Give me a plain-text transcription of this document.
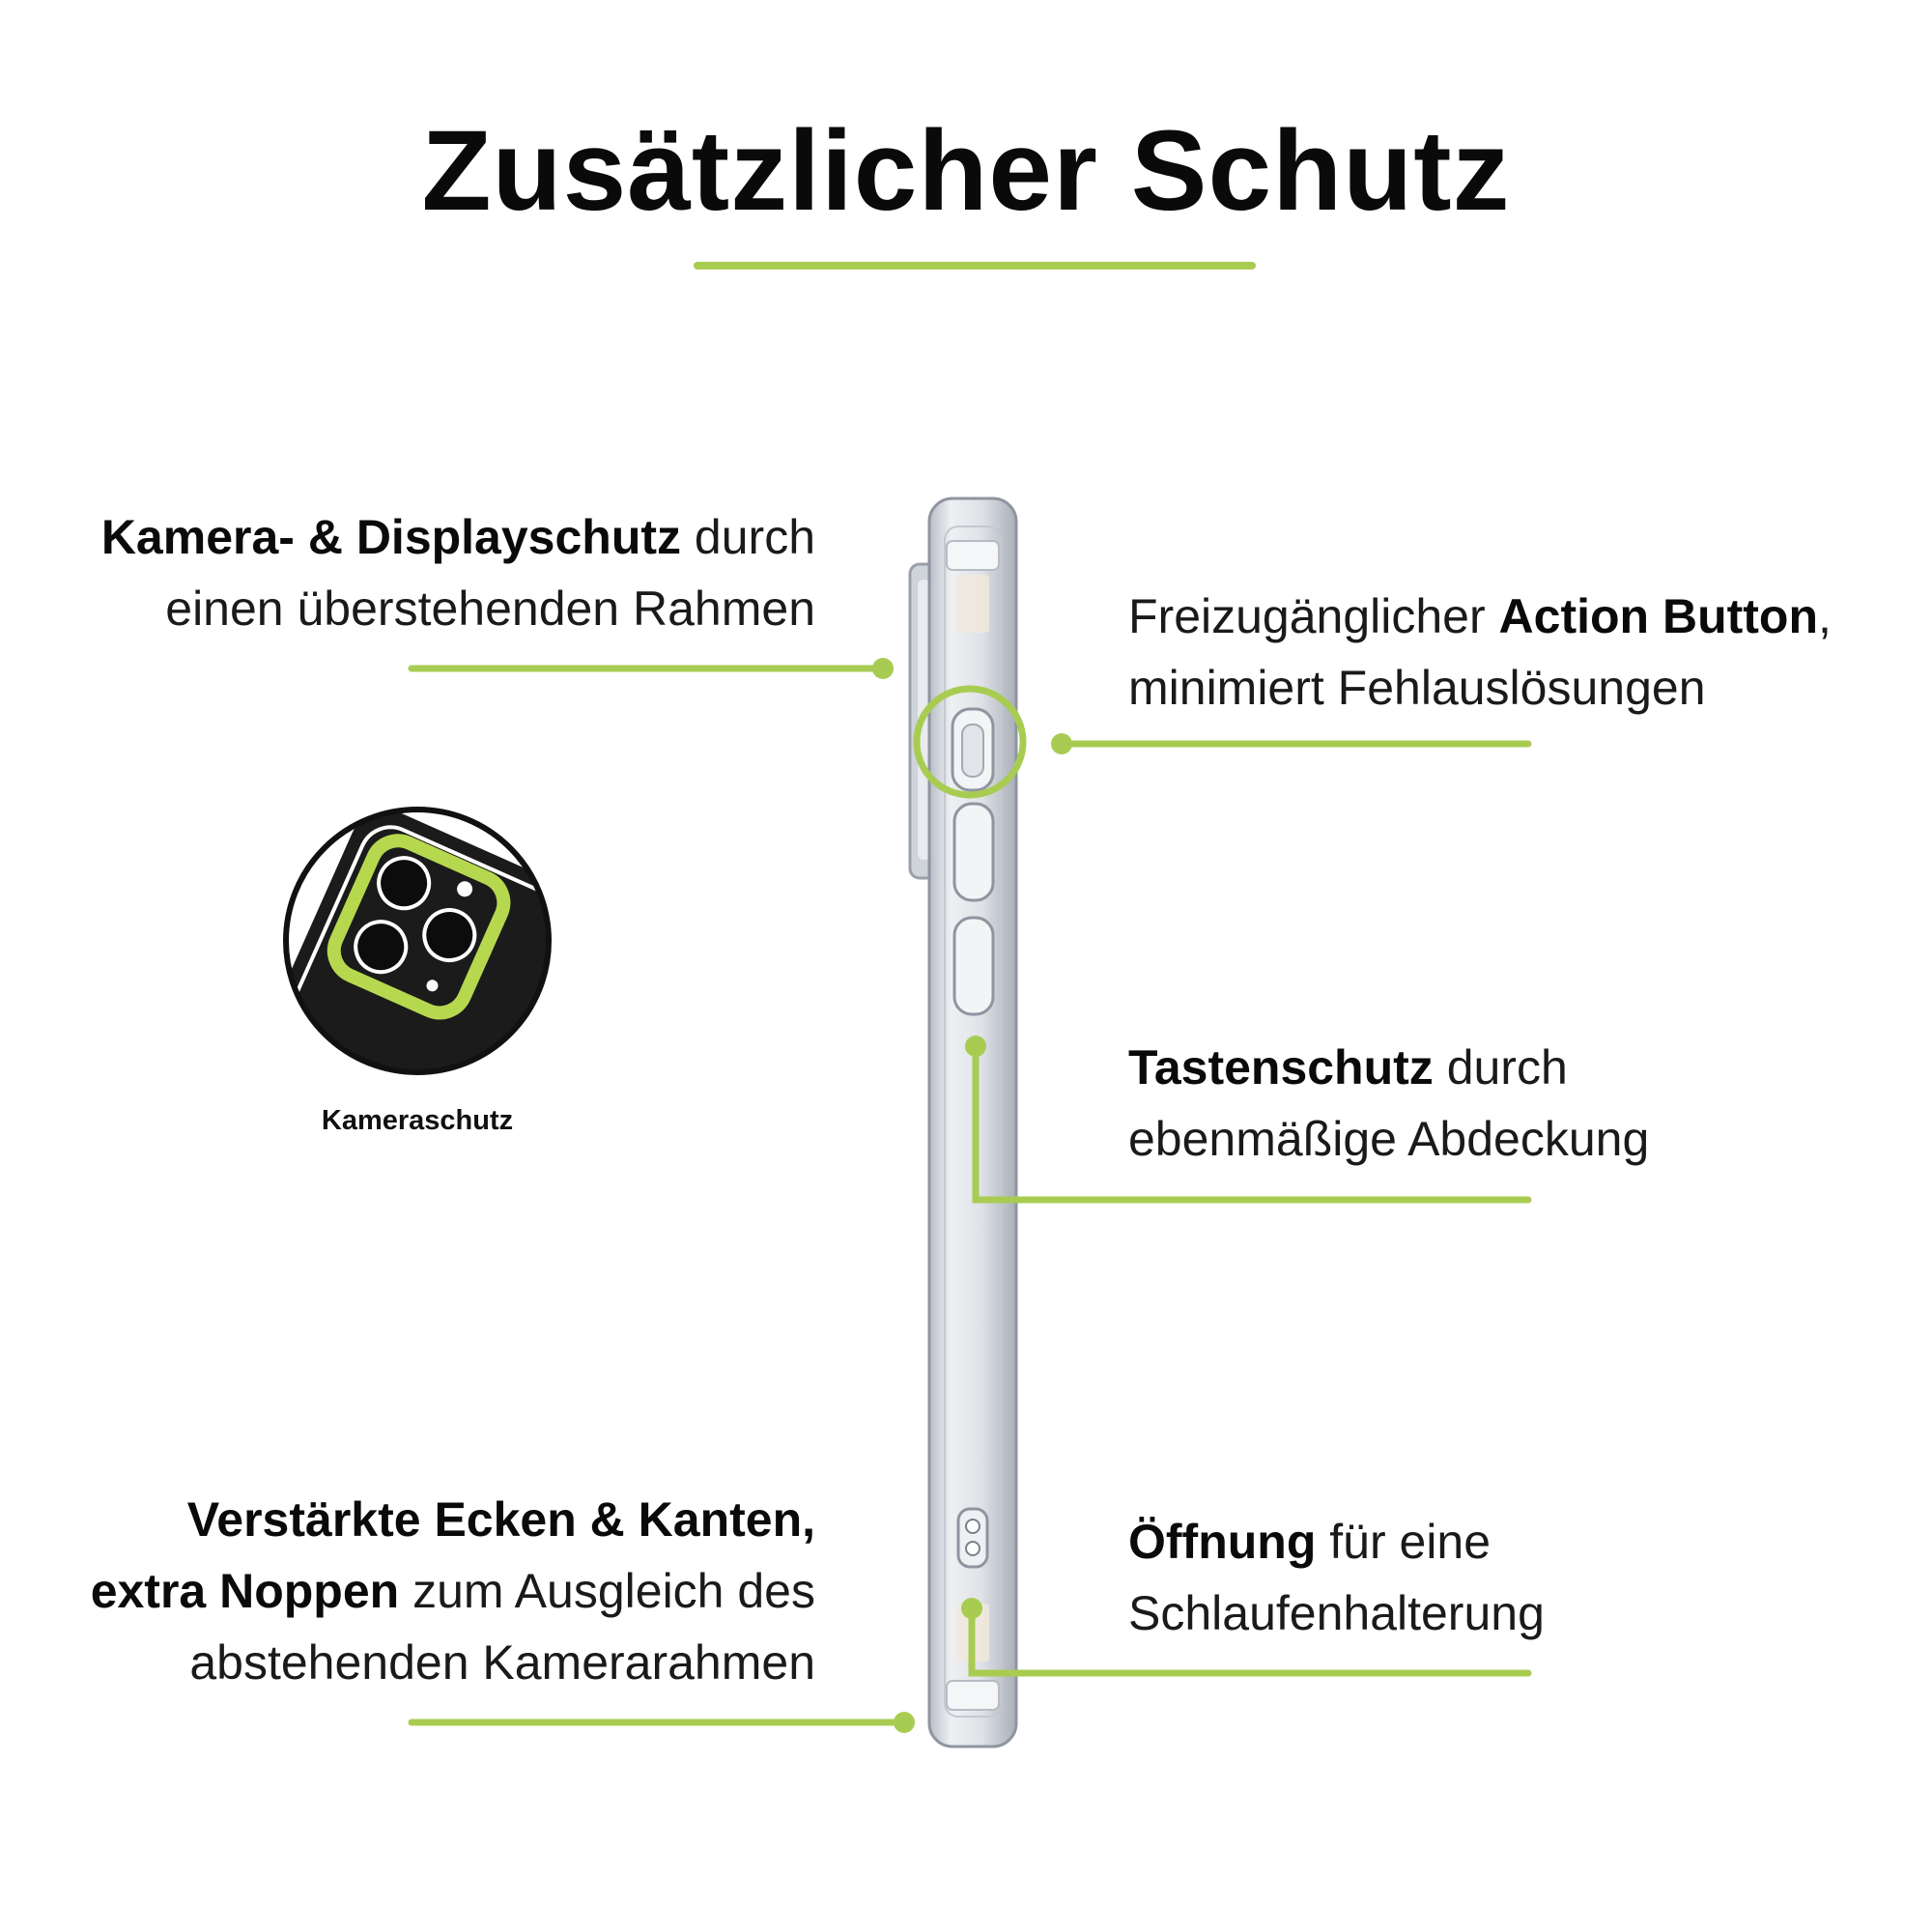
Zusätzlicher Schutz
Kamera- & Displayschutz durch
einen überstehenden Rahmen	Freizugänglicher Action Button,
minimiert Fehlauslösungen
Tastenschutz durch
ebenmäßige Abdeckung
Verstärkte Ecken & Kanten,
extra Noppen zum Ausgleich des
abstehenden Kamerarahmen
Öffnung für eine
Schlaufenhalterung
Kameraschutz
